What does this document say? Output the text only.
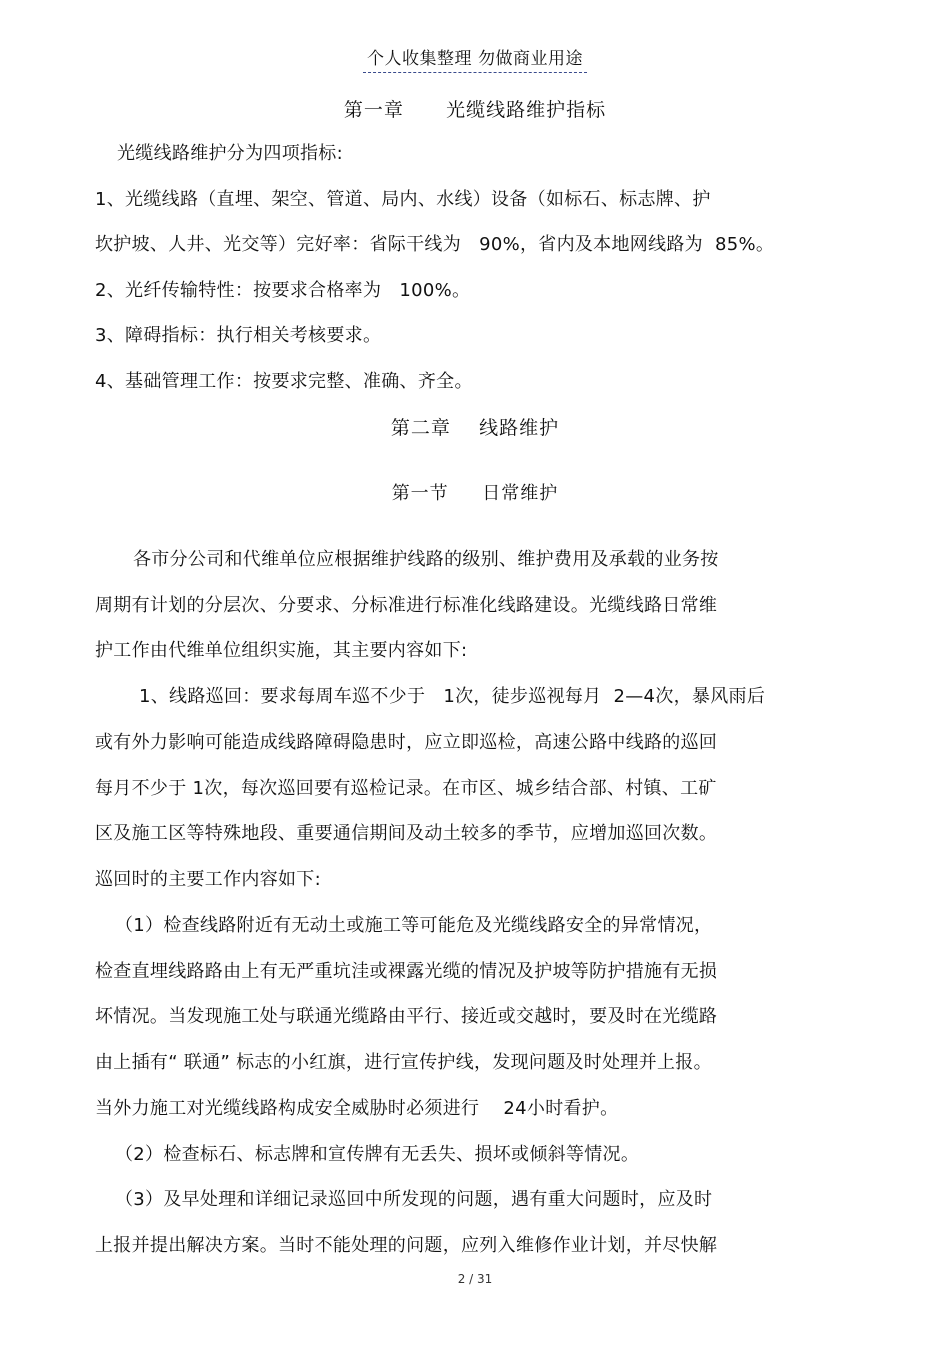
个人收集整理 勿做商业用途
第一章      光缆线路维护指标
光缆线路维护分为四项指标:
1、光缆线路（直埋、架空、管道、局内、水线）设备（如标石、标志牌、护
坎护坡、人井、光交等）完好率：省际干线为   90%，省内及本地网线路为  85%。
2、光纤传输特性：按要求合格率为   100%。
3、障碍指标：执行相关考核要求。
4、基础管理工作：按要求完整、准确、齐全。
第二章    线路维护
第一节     日常维护
各市分公司和代维单位应根据维护线路的级别、维护费用及承载的业务按
周期有计划的分层次、分要求、分标准进行标准化线路建设。光缆线路日常维
护工作由代维单位组织实施，其主要内容如下:
1、线路巡回：要求每周车巡不少于   1次，徒步巡视每月  2—4次，暴风雨后
或有外力影响可能造成线路障碍隐患时，应立即巡检，高速公路中线路的巡回
每月不少于 1次，每次巡回要有巡检记录。在市区、城乡结合部、村镇、工矿
区及施工区等特殊地段、重要通信期间及动土较多的季节，应增加巡回次数。
巡回时的主要工作内容如下:
（1）检查线路附近有无动土或施工等可能危及光缆线路安全的异常情况，
检查直埋线路路由上有无严重坑洼或裸露光缆的情况及护坡等防护措施有无损
坏情况。当发现施工处与联通光缆路由平行、接近或交越时，要及时在光缆路
由上插有“ 联通” 标志的小红旗，进行宣传护线，发现问题及时处理并上报。
当外力施工对光缆线路构成安全威胁时必须进行    24小时看护。
（2）检查标石、标志牌和宣传牌有无丢失、损坏或倾斜等情况。
（3）及早处理和详细记录巡回中所发现的问题，遇有重大问题时，应及时
上报并提出解决方案。当时不能处理的问题，应列入维修作业计划，并尽快解
2 / 31
